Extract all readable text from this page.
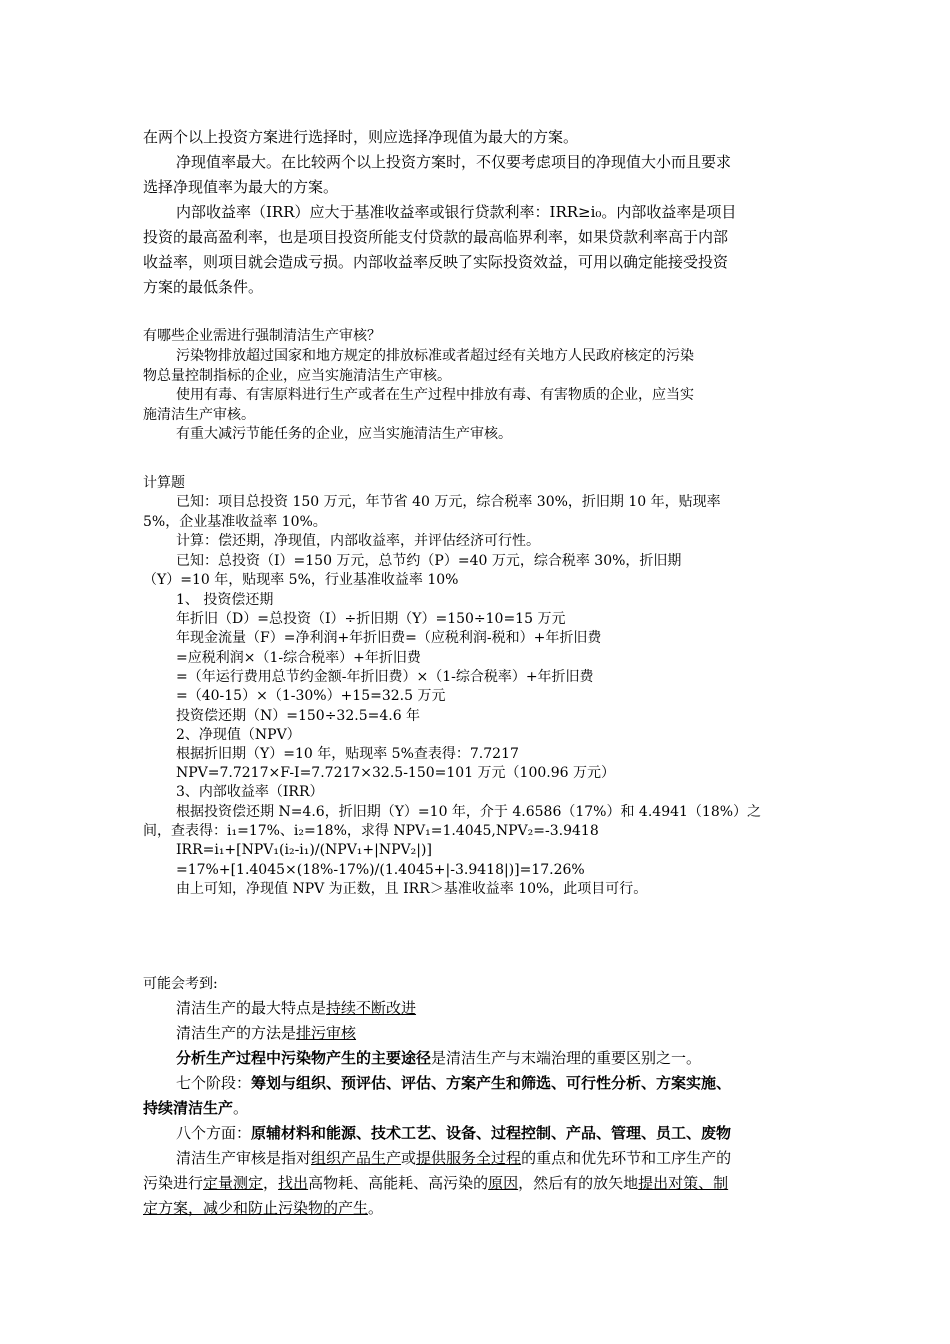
在两个以上投资方案进行选择时，则应选择净现值为最大的方案。
净现值率最大。在比较两个以上投资方案时，不仅要考虑项目的净现值大小而且要求
选择净现值率为最大的方案。
内部收益率（IRR）应大于基准收益率或银行贷款利率：IRR≥i₀。内部收益率是项目
投资的最高盈利率，也是项目投资所能支付贷款的最高临界利率，如果贷款利率高于内部
收益率，则项目就会造成亏损。内部收益率反映了实际投资效益，可用以确定能接受投资
方案的最低条件。
有哪些企业需进行强制清洁生产审核？
污染物排放超过国家和地方规定的排放标准或者超过经有关地方人民政府核定的污染
物总量控制指标的企业，应当实施清洁生产审核。
使用有毒、有害原料进行生产或者在生产过程中排放有毒、有害物质的企业，应当实
施清洁生产审核。
有重大减污节能任务的企业，应当实施清洁生产审核。
计算题
已知：项目总投资 150 万元，年节省 40 万元，综合税率 30%，折旧期 10 年，贴现率
5%，企业基准收益率 10%。
计算：偿还期，净现值，内部收益率，并评估经济可行性。
已知：总投资（I）=150 万元，总节约（P）=40 万元，综合税率 30%，折旧期
（Y）=10 年，贴现率 5%，行业基准收益率 10%
1、 投资偿还期
年折旧（D）=总投资（I）÷折旧期（Y）=150÷10=15 万元
年现金流量（F）=净利润+年折旧费=（应税利润-税和）+年折旧费
=应税利润×（1-综合税率）+年折旧费
=（年运行费用总节约金额-年折旧费）×（1-综合税率）+年折旧费
=（40-15）×（1-30%）+15=32.5 万元
投资偿还期（N）=150÷32.5=4.6 年
2、净现值（NPV）
根据折旧期（Y）=10 年，贴现率 5%查表得：7.7217
NPV=7.7217×F-I=7.7217×32.5-150=101 万元（100.96 万元）
3、内部收益率（IRR）
根据投资偿还期 N=4.6，折旧期（Y）=10 年，介于 4.6586（17%）和 4.4941（18%）之
间，查表得：i₁=17%、i₂=18%，求得 NPV₁=1.4045,NPV₂=-3.9418
IRR=i₁+[NPV₁(i₂-i₁)/(NPV₁+|NPV₂|)]
=17%+[1.4045×(18%-17%)/(1.4045+|-3.9418|)]=17.26%
由上可知，净现值 NPV 为正数，且 IRR＞基准收益率 10%，此项目可行。
可能会考到:
清洁生产的最大特点是持续不断改进
清洁生产的方法是排污审核
分析生产过程中污染物产生的主要途径是清洁生产与末端治理的重要区别之一。
七个阶段：筹划与组织、预评估、评估、方案产生和筛选、可行性分析、方案实施、
持续清洁生产。
八个方面：原辅材料和能源、技术工艺、设备、过程控制、产品、管理、员工、废物
清洁生产审核是指对组织产品生产或提供服务全过程的重点和优先环节和工序生产的
污染进行定量测定，找出高物耗、高能耗、高污染的原因，然后有的放矢地提出对策、制
定方案，减少和防止污染物的产生。
